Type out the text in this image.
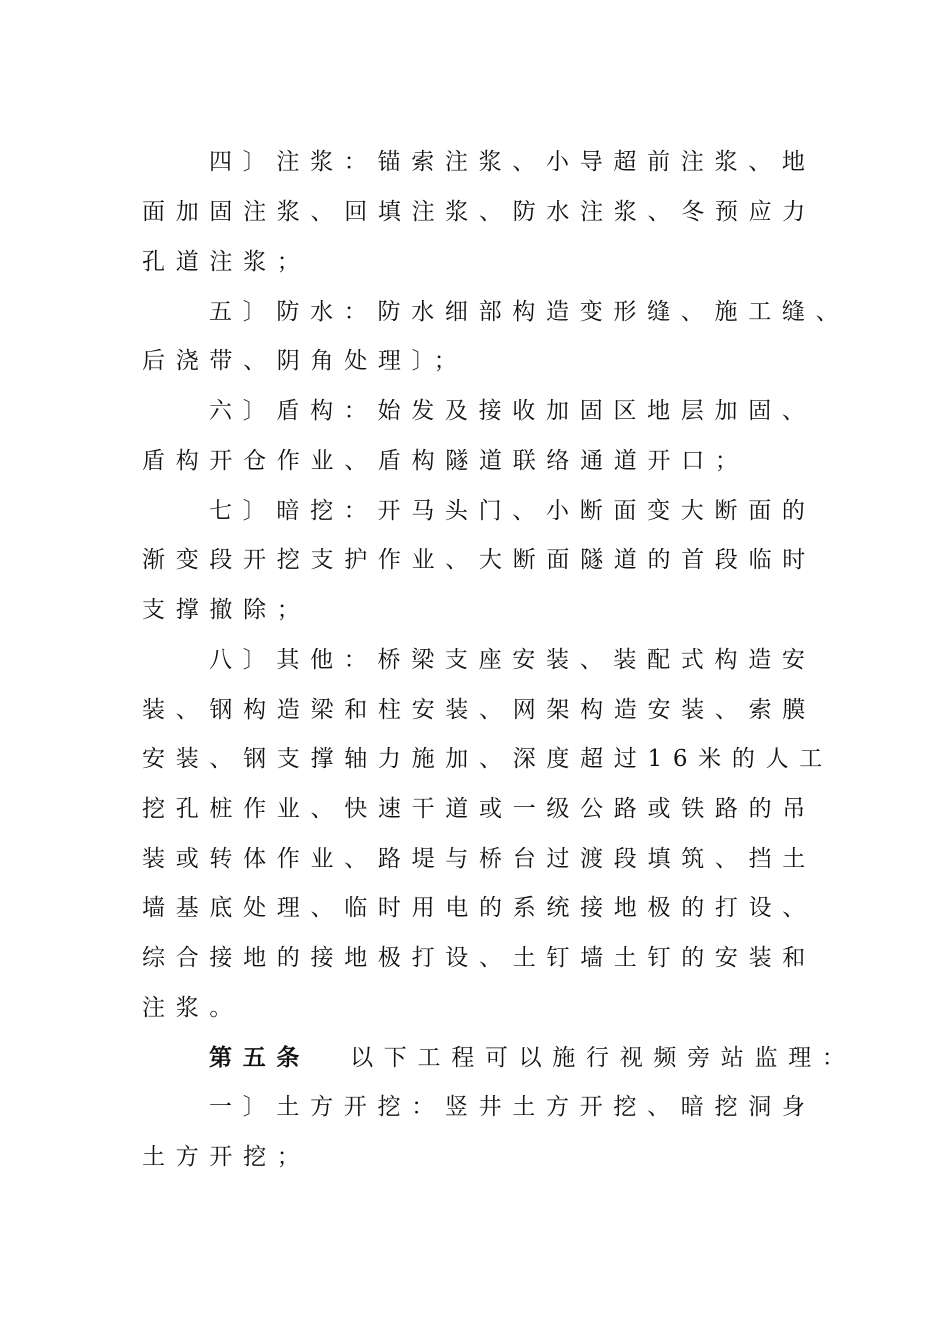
四〕注浆：锚索注浆、小导超前注浆、地
面加固注浆、回填注浆、防水注浆、冬预应力
孔道注浆；
五〕防水：防水细部构造变形缝、施工缝、
后浇带、阴角处理〕；
六〕盾构：始发及接收加固区地层加固、
盾构开仓作业、盾构隧道联络通道开口；
七〕暗挖：开马头门、小断面变大断面的
渐变段开挖支护作业、大断面隧道的首段临时
支撑撤除；
八〕其他：桥梁支座安装、装配式构造安
装、钢构造梁和柱安装、网架构造安装、索膜
安装、钢支撑轴力施加、深度超过16米的人工
挖孔桩作业、快速干道或一级公路或铁路的吊
装或转体作业、路堤与桥台过渡段填筑、挡土
墙基底处理、临时用电的系统接地极的打设、
综合接地的接地极打设、土钉墙土钉的安装和
注浆。
第五条 以下工程可以施行视频旁站监理：
一〕土方开挖：竖井土方开挖、暗挖洞身
土方开挖；
